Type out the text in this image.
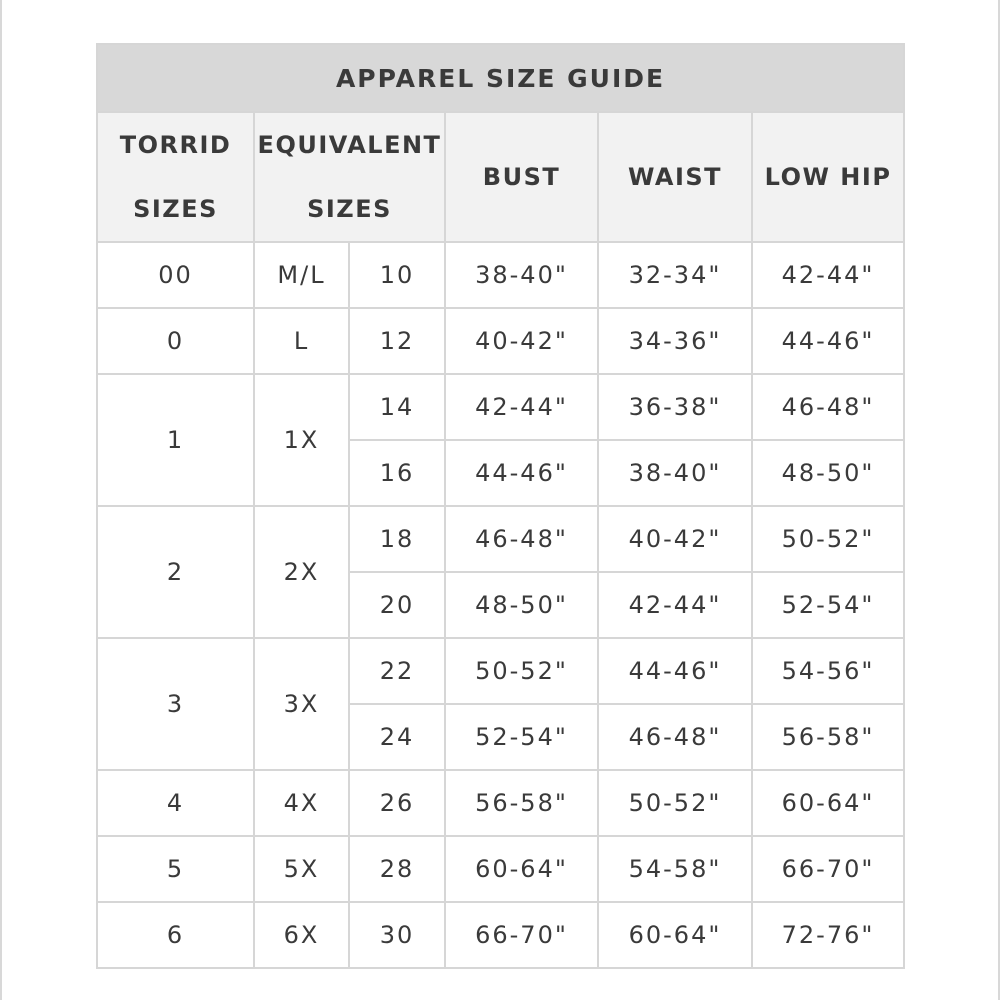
APPAREL SIZE GUIDE					
TORRID SIZES	EQUIVALENT SIZES		BUST	WAIST	LOW HIP
00	M/L	10	38-40"	32-34"	42-44"
0	L	12	40-42"	34-36"	44-46"
1	1X	14	42-44"	36-38"	46-48"
		16	44-46"	38-40"	48-50"
2	2X	18	46-48"	40-42"	50-52"
		20	48-50"	42-44"	52-54"
3	3X	22	50-52"	44-46"	54-56"
		24	52-54"	46-48"	56-58"
4	4X	26	56-58"	50-52"	60-64"
5	5X	28	60-64"	54-58"	66-70"
6	6X	30	66-70"	60-64"	72-76"
